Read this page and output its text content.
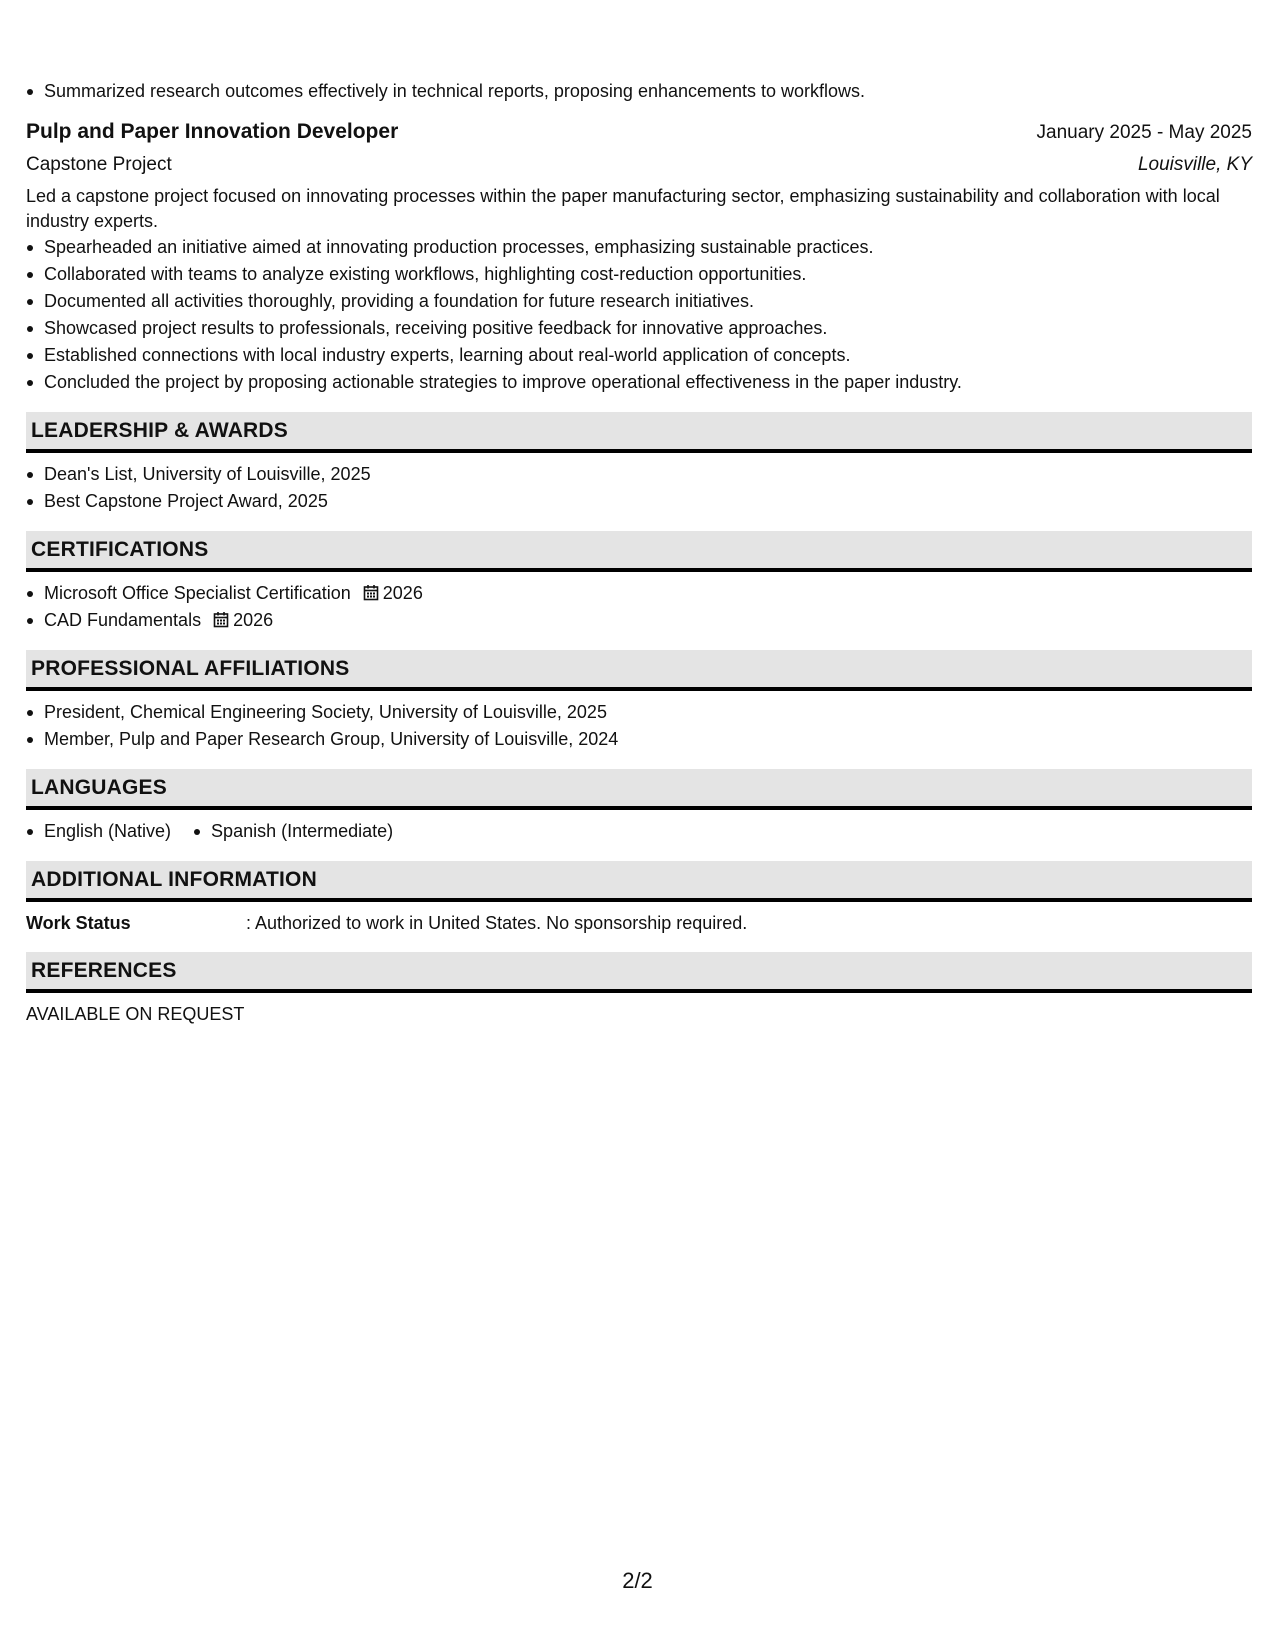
Summarized research outcomes effectively in technical reports, proposing enhancements to workflows.
Pulp and Paper Innovation Developer	January 2025 - May 2025
Capstone Project	Louisville, KY
Led a capstone project focused on innovating processes within the paper manufacturing sector, emphasizing sustainability and collaboration with local industry experts.
Spearheaded an initiative aimed at innovating production processes, emphasizing sustainable practices.
Collaborated with teams to analyze existing workflows, highlighting cost-reduction opportunities.
Documented all activities thoroughly, providing a foundation for future research initiatives.
Showcased project results to professionals, receiving positive feedback for innovative approaches.
Established connections with local industry experts, learning about real-world application of concepts.
Concluded the project by proposing actionable strategies to improve operational effectiveness in the paper industry.
LEADERSHIP & AWARDS
Dean's List, University of Louisville, 2025
Best Capstone Project Award, 2025
CERTIFICATIONS
Microsoft Office Specialist Certification 2026
CAD Fundamentals 2026
PROFESSIONAL AFFILIATIONS
President, Chemical Engineering Society, University of Louisville, 2025
Member, Pulp and Paper Research Group, University of Louisville, 2024
LANGUAGES
English (Native)	Spanish (Intermediate)
ADDITIONAL INFORMATION
Work Status	: Authorized to work in United States. No sponsorship required.
REFERENCES
AVAILABLE ON REQUEST
2/2
